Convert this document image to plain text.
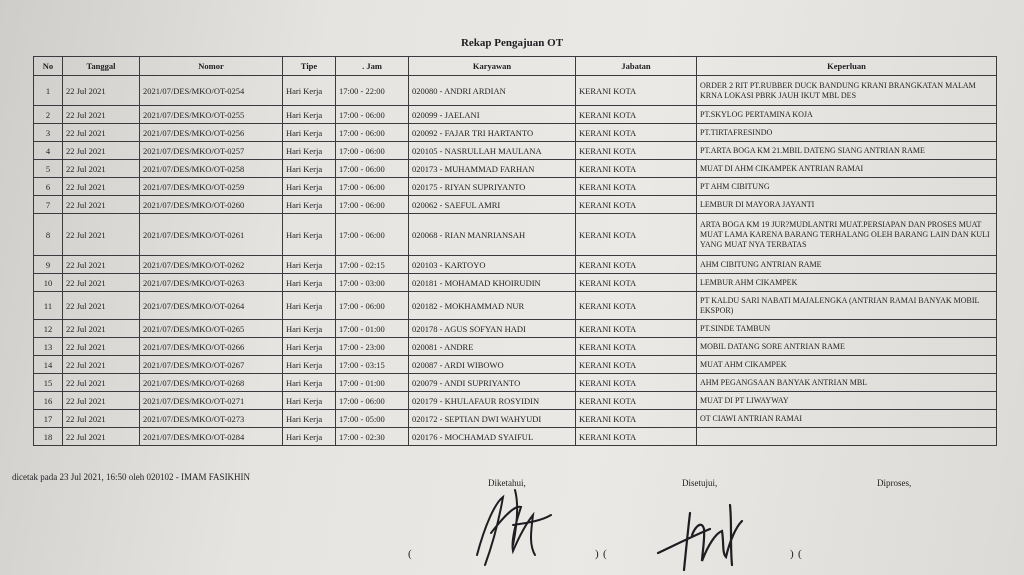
Rekap Pengajuan OT
No	Tanggal	Nomor	Tipe	. Jam	Karyawan	Jabatan	Keperluan
1	22 Jul 2021	2021/07/DES/MKO/OT-0254	Hari Kerja	17:00 - 22:00	020080 - ANDRI ARDIAN	KERANI KOTA	ORDER 2 RIT PT.RUBBER DUCK BANDUNG KRANI BRANGKATAN MALAM KRNA LOKASI PBRK JAUH IKUT MBL DES
2	22 Jul 2021	2021/07/DES/MKO/OT-0255	Hari Kerja	17:00 - 06:00	020099 - JAELANI	KERANI KOTA	PT.SKYLOG PERTAMINA KOJA
3	22 Jul 2021	2021/07/DES/MKO/OT-0256	Hari Kerja	17:00 - 06:00	020092 - FAJAR TRI HARTANTO	KERANI KOTA	PT.TIRTAFRESINDO
4	22 Jul 2021	2021/07/DES/MKO/OT-0257	Hari Kerja	17:00 - 06:00	020105 - NASRULLAH MAULANA	KERANI KOTA	PT.ARTA BOGA KM 21.MBIL DATENG SIANG ANTRIAN RAME
5	22 Jul 2021	2021/07/DES/MKO/OT-0258	Hari Kerja	17:00 - 06:00	020173 - MUHAMMAD FARHAN	KERANI KOTA	MUAT DI AHM CIKAMPEK ANTRIAN RAMAI
6	22 Jul 2021	2021/07/DES/MKO/OT-0259	Hari Kerja	17:00 - 06:00	020175 - RIYAN SUPRIYANTO	KERANI KOTA	PT AHM CIBITUNG
7	22 Jul 2021	2021/07/DES/MKO/OT-0260	Hari Kerja	17:00 - 06:00	020062 - SAEFUL AMRI	KERANI KOTA	LEMBUR DI MAYORA JAYANTI
8	22 Jul 2021	2021/07/DES/MKO/OT-0261	Hari Kerja	17:00 - 06:00	020068 - RIAN MANRIANSAH	KERANI KOTA	ARTA BOGA KM 19 JUR?MUDLANTRI MUAT.PERSIAPAN DAN PROSES MUAT MUAT LAMA KARENA BARANG TERHALANG OLEH BARANG LAIN DAN KULI YANG MUAT NYA TERBATAS
9	22 Jul 2021	2021/07/DES/MKO/OT-0262	Hari Kerja	17:00 - 02:15	020103 - KARTOYO	KERANI KOTA	AHM CIBITUNG ANTRIAN RAME
10	22 Jul 2021	2021/07/DES/MKO/OT-0263	Hari Kerja	17:00 - 03:00	020181 - MOHAMAD KHOIRUDIN	KERANI KOTA	LEMBUR AHM CIKAMPEK
11	22 Jul 2021	2021/07/DES/MKO/OT-0264	Hari Kerja	17:00 - 06:00	020182 - MOKHAMMAD NUR	KERANI KOTA	PT KALDU SARI NABATI MAJALENGKA (ANTRIAN RAMAI BANYAK MOBIL EKSPOR)
12	22 Jul 2021	2021/07/DES/MKO/OT-0265	Hari Kerja	17:00 - 01:00	020178 - AGUS SOFYAN HADI	KERANI KOTA	PT.SINDE TAMBUN
13	22 Jul 2021	2021/07/DES/MKO/OT-0266	Hari Kerja	17:00 - 23:00	020081 - ANDRE	KERANI KOTA	MOBIL DATANG SORE ANTRIAN RAME
14	22 Jul 2021	2021/07/DES/MKO/OT-0267	Hari Kerja	17:00 - 03:15	020087 - ARDI WIBOWO	KERANI KOTA	MUAT AHM CIKAMPEK
15	22 Jul 2021	2021/07/DES/MKO/OT-0268	Hari Kerja	17:00 - 01:00	020079 - ANDI SUPRIYANTO	KERANI KOTA	AHM PEGANGSAAN BANYAK ANTRIAN MBL
16	22 Jul 2021	2021/07/DES/MKO/OT-0271	Hari Kerja	17:00 - 06:00	020179 - KHULAFAUR ROSYIDIN	KERANI KOTA	MUAT DI PT LIWAYWAY
17	22 Jul 2021	2021/07/DES/MKO/OT-0273	Hari Kerja	17:00 - 05:00	020172 - SEPTIAN DWI WAHYUDI	KERANI KOTA	OT CIAWI ANTRIAN RAMAI
18	22 Jul 2021	2021/07/DES/MKO/OT-0284	Hari Kerja	17:00 - 02:30	020176 - MOCHAMAD SYAIFUL	KERANI KOTA	
dicetak pada 23 Jul 2021, 16:50 oleh 020102 - IMAM FASIKHIN
Diketahui,	Disetujui,	Diproses,
(	) (	) (
